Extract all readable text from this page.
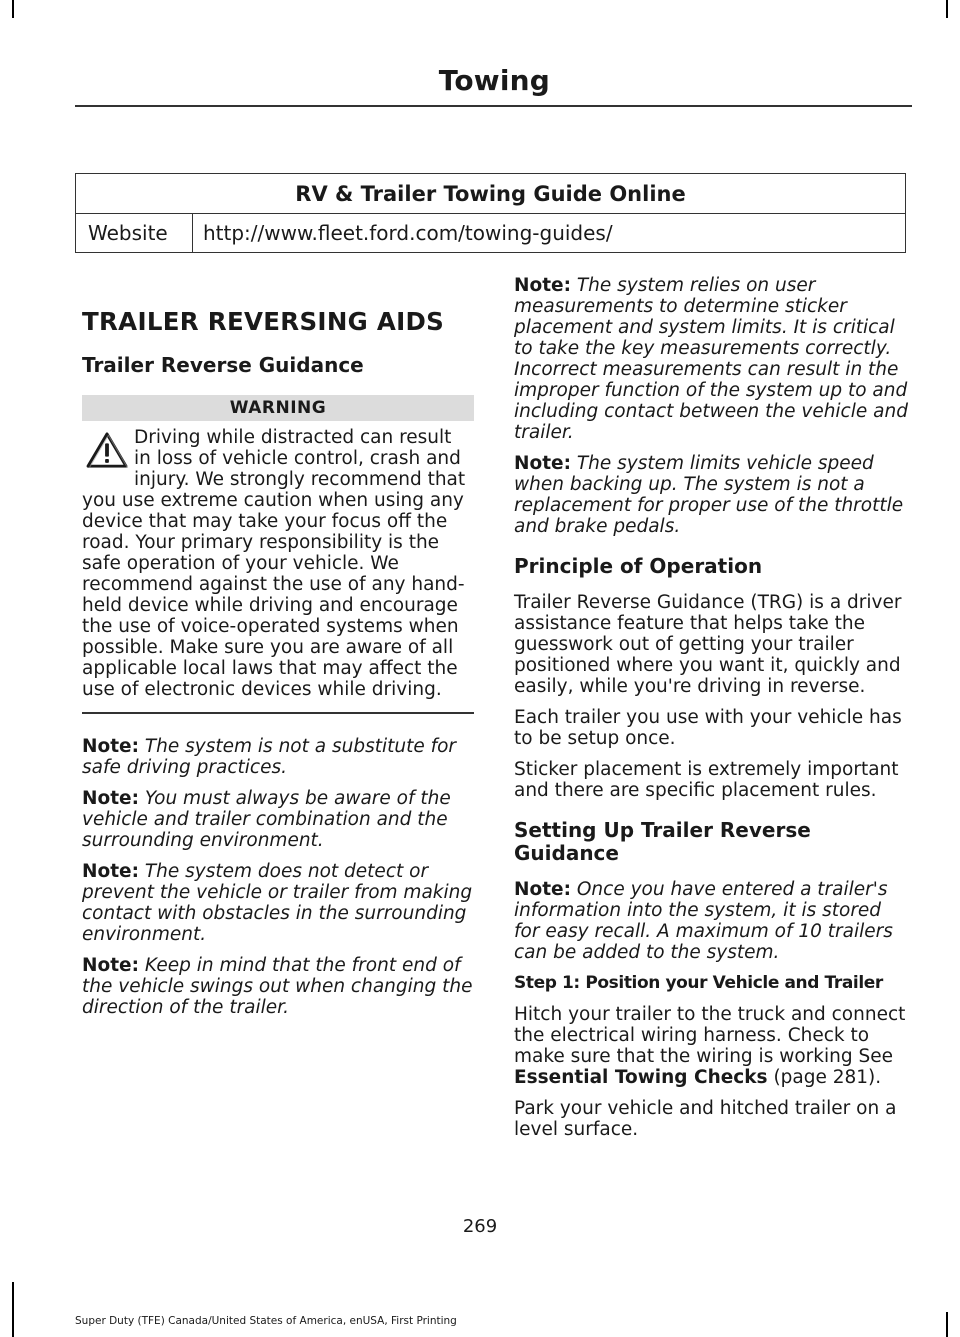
Towing
RV & Trailer Towing Guide Online
Website	http://www.fleet.ford.com/towing-guides/
TRAILER REVERSING AIDS
Trailer Reverse Guidance
WARNING

Driving while distracted can result in loss of vehicle control, crash and injury. We strongly recommend that you use extreme caution when using any device that may take your focus off the road. Your primary responsibility is the safe operation of your vehicle. We recommend against the use of any hand-held device while driving and encourage the use of voice-operated systems when possible. Make sure you are aware of all applicable local laws that may affect the use of electronic devices while driving.

Note: The system is not a substitute for safe driving practices.

Note: You must always be aware of the vehicle and trailer combination and the surrounding environment.

Note: The system does not detect or prevent the vehicle or trailer from making contact with obstacles in the surrounding environment.

Note: Keep in mind that the front end of the vehicle swings out when changing the direction of the trailer.

Note: The system relies on user measurements to determine sticker placement and system limits. It is critical to take the key measurements correctly. Incorrect measurements can result in the improper function of the system up to and including contact between the vehicle and trailer.

Note: The system limits vehicle speed when backing up. The system is not a replacement for proper use of the throttle and brake pedals.

Principle of Operation

Trailer Reverse Guidance (TRG) is a driver assistance feature that helps take the guesswork out of getting your trailer positioned where you want it, quickly and easily, while you're driving in reverse.

Each trailer you use with your vehicle has to be setup once.

Sticker placement is extremely important and there are specific placement rules.

Setting Up Trailer Reverse Guidance

Note: Once you have entered a trailer's information into the system, it is stored for easy recall. A maximum of 10 trailers can be added to the system.

Step 1: Position your Vehicle and Trailer

Hitch your trailer to the truck and connect the electrical wiring harness. Check to make sure that the wiring is working See Essential Towing Checks (page 281).

Park your vehicle and hitched trailer on a level surface.

269
Super Duty (TFE) Canada/United States of America, enUSA, First Printing
